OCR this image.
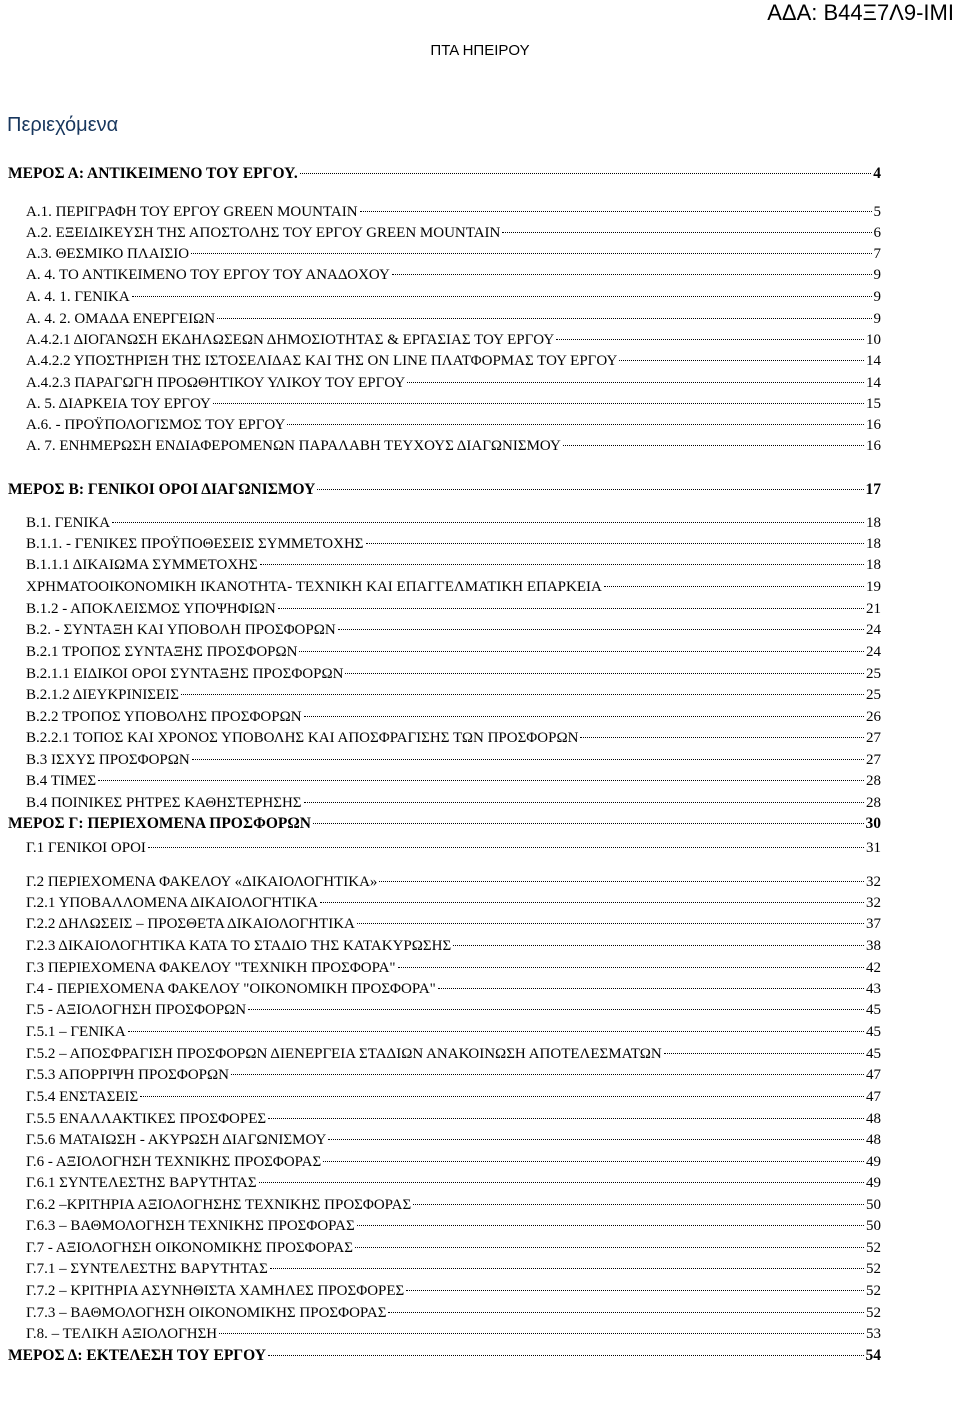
ΑΔΑ: Β44Ξ7Λ9-ΙΜΙ
ΠΤΑ ΗΠΕΙΡΟΥ
Περιεχόμενα
ΜΕΡΟΣ Α: ΑΝΤΙΚΕΙΜΕΝΟ ΤΟΥ ΕΡΓΟΥ.	4
Α.1. ΠΕΡΙΓΡΑΦΗ ΤΟΥ ΕΡΓΟΥ GREEN MOUNTAIN	5
Α.2. ΕΞΕΙΔΙΚΕΥΣΗ ΤΗΣ ΑΠΟΣΤΟΛΗΣ ΤΟΥ ΕΡΓΟΥ GREEN MOUNTAIN	6
Α.3. ΘΕΣΜΙΚΟ ΠΛΑΙΣΙΟ	7
Α. 4. ΤΟ ΑΝΤΙΚΕΙΜΕΝΟ ΤΟΥ ΕΡΓΟΥ ΤΟΥ ΑΝΑΔΟΧΟΥ	9
Α. 4. 1. ΓΕΝΙΚΑ	9
Α. 4. 2. ΟΜΑΔΑ ΕΝΕΡΓΕΙΩΝ	9
Α.4.2.1 ΔΙΟΓΑΝΩΣΗ ΕΚΔΗΛΩΣΕΩΝ ΔΗΜΟΣΙΟΤΗΤΑΣ & ΕΡΓΑΣΙΑΣ ΤΟΥ ΕΡΓΟΥ	10
Α.4.2.2 ΥΠΟΣΤΗΡΙΞΗ ΤΗΣ ΙΣΤΟΣΕΛΙΔΑΣ ΚΑΙ ΤΗΣ ON LINE ΠΛΑΤΦΟΡΜΑΣ ΤΟΥ ΕΡΓΟΥ	14
Α.4.2.3 ΠΑΡΑΓΩΓΗ ΠΡΟΩΘΗΤΙΚΟΥ ΥΛΙΚΟΥ ΤΟΥ ΕΡΓΟΥ	14
Α. 5. ΔΙΑΡΚΕΙΑ ΤΟΥ ΕΡΓΟΥ	15
Α.6. - ΠΡΟΫΠΟΛΟΓΙΣΜΟΣ ΤΟΥ ΕΡΓΟΥ	16
Α. 7. ΕΝΗΜΕΡΩΣΗ ΕΝΔΙΑΦΕΡΟΜΕΝΩΝ ΠΑΡΑΛΑΒΗ ΤΕΥΧΟΥΣ ΔΙΑΓΩΝΙΣΜΟΥ	16
ΜΕΡΟΣ Β: ΓΕΝΙΚΟΙ ΟΡΟΙ ΔΙΑΓΩΝΙΣΜΟΥ	17
Β.1. ΓΕΝΙΚΑ	18
Β.1.1. - ΓΕΝΙΚΕΣ ΠΡΟΫΠΟΘΕΣΕΙΣ ΣΥΜΜΕΤΟΧΗΣ	18
Β.1.1.1 ΔΙΚΑΙΩΜΑ ΣΥΜΜΕΤΟΧΗΣ	18
ΧΡΗΜΑΤΟΟΙΚΟΝΟΜΙΚΗ ΙΚΑΝΟΤΗΤΑ- ΤΕΧΝΙΚΗ ΚΑΙ ΕΠΑΓΓΕΛΜΑΤΙΚΗ ΕΠΑΡΚΕΙΑ	19
Β.1.2 - ΑΠΟΚΛΕΙΣΜΟΣ ΥΠΟΨΗΦΙΩΝ	21
Β.2. - ΣΥΝΤΑΞΗ ΚΑΙ ΥΠΟΒΟΛΗ ΠΡΟΣΦΟΡΩΝ	24
Β.2.1 ΤΡΟΠΟΣ ΣΥΝΤΑΞΗΣ ΠΡΟΣΦΟΡΩΝ	24
Β.2.1.1 ΕΙΔΙΚΟΙ ΟΡΟΙ ΣΥΝΤΑΞΗΣ ΠΡΟΣΦΟΡΩΝ	25
Β.2.1.2 ΔΙΕΥΚΡΙΝΙΣΕΙΣ	25
Β.2.2 ΤΡΟΠΟΣ ΥΠΟΒΟΛΗΣ ΠΡΟΣΦΟΡΩΝ	26
Β.2.2.1 ΤΟΠΟΣ ΚΑΙ ΧΡΟΝΟΣ ΥΠΟΒΟΛΗΣ ΚΑΙ ΑΠΟΣΦΡΑΓΙΣΗΣ ΤΩΝ ΠΡΟΣΦΟΡΩΝ	27
Β.3 ΙΣΧΥΣ ΠΡΟΣΦΟΡΩΝ	27
Β.4 ΤΙΜΕΣ	28
Β.4 ΠΟΙΝΙΚΕΣ ΡΗΤΡΕΣ ΚΑΘΗΣΤΕΡΗΣΗΣ	28
ΜΕΡΟΣ Γ: ΠΕΡΙΕΧΟΜΕΝΑ ΠΡΟΣΦΟΡΩΝ	30
Γ.1 ΓΕΝΙΚΟΙ ΟΡΟΙ	31
Γ.2 ΠΕΡΙΕΧΟΜΕΝΑ ΦΑΚΕΛΟΥ «ΔΙΚΑΙΟΛΟΓΗΤΙΚΑ»	32
Γ.2.1 ΥΠΟΒΑΛΛΟΜΕΝΑ ΔΙΚΑΙΟΛΟΓΗΤΙΚΑ	32
Γ.2.2 ΔΗΛΩΣΕΙΣ – ΠΡΟΣΘΕΤΑ ΔΙΚΑΙΟΛΟΓΗΤΙΚΑ	37
Γ.2.3 ΔΙΚΑΙΟΛΟΓΗΤΙΚΑ ΚΑΤΑ ΤΟ ΣΤΑΔΙΟ ΤΗΣ ΚΑΤΑΚΥΡΩΣΗΣ	38
Γ.3 ΠΕΡΙΕΧΟΜΕΝΑ ΦΑΚΕΛΟΥ "ΤΕΧΝΙΚΗ ΠΡΟΣΦΟΡΑ"	42
Γ.4 - ΠΕΡΙΕΧΟΜΕΝΑ ΦΑΚΕΛΟΥ "ΟΙΚΟΝΟΜΙΚΗ ΠΡΟΣΦΟΡΑ"	43
Γ.5 - ΑΞΙΟΛΟΓΗΣΗ ΠΡΟΣΦΟΡΩΝ	45
Γ.5.1 – ΓΕΝΙΚΑ	45
Γ.5.2 – ΑΠΟΣΦΡΑΓΙΣΗ ΠΡΟΣΦΟΡΩΝ ΔΙΕΝΕΡΓΕΙΑ ΣΤΑΔΙΩΝ ΑΝΑΚΟΙΝΩΣΗ ΑΠΟΤΕΛΕΣΜΑΤΩΝ	45
Γ.5.3 ΑΠΟΡΡΙΨΗ ΠΡΟΣΦΟΡΩΝ	47
Γ.5.4 ΕΝΣΤΑΣΕΙΣ	47
Γ.5.5 ΕΝΑΛΛΑΚΤΙΚΕΣ ΠΡΟΣΦΟΡΕΣ	48
Γ.5.6 ΜΑΤΑΙΩΣΗ - ΑΚΥΡΩΣΗ ΔΙΑΓΩΝΙΣΜΟΥ	48
Γ.6 - ΑΞΙΟΛΟΓΗΣΗ ΤΕΧΝΙΚΗΣ ΠΡΟΣΦΟΡΑΣ	49
Γ.6.1 ΣΥΝΤΕΛΕΣΤΗΣ ΒΑΡΥΤΗΤΑΣ	49
Γ.6.2 –ΚΡΙΤΗΡΙΑ ΑΞΙΟΛΟΓΗΣΗΣ ΤΕΧΝΙΚΗΣ ΠΡΟΣΦΟΡΑΣ	50
Γ.6.3 – ΒΑΘΜΟΛΟΓΗΣΗ ΤΕΧΝΙΚΗΣ ΠΡΟΣΦΟΡΑΣ	50
Γ.7 - ΑΞΙΟΛΟΓΗΣΗ ΟΙΚΟΝΟΜΙΚΗΣ ΠΡΟΣΦΟΡΑΣ	52
Γ.7.1 – ΣΥΝΤΕΛΕΣΤΗΣ ΒΑΡΥΤΗΤΑΣ	52
Γ.7.2 – ΚΡΙΤΗΡΙΑ ΑΣΥΝΗΘΙΣΤΑ ΧΑΜΗΛΕΣ ΠΡΟΣΦΟΡΕΣ	52
Γ.7.3 – ΒΑΘΜΟΛΟΓΗΣΗ ΟΙΚΟΝΟΜΙΚΗΣ ΠΡΟΣΦΟΡΑΣ	52
Γ.8. – ΤΕΛΙΚΗ ΑΞΙΟΛΟΓΗΣΗ	53
ΜΕΡΟΣ Δ: ΕΚΤΕΛΕΣΗ ΤΟΥ ΕΡΓΟΥ	54
